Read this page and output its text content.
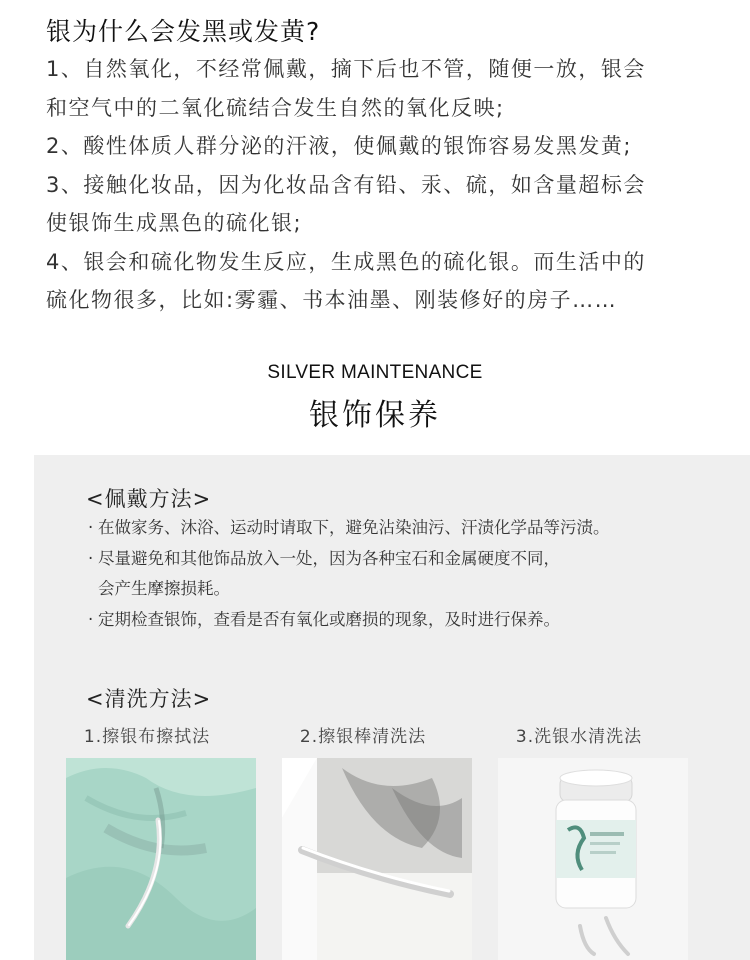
银为什么会发黑或发黄?
1、自然氧化，不经常佩戴，摘下后也不管，随便一放，银会
和空气中的二氧化硫结合发生自然的氧化反映;
2、酸性体质人群分泌的汗液，使佩戴的银饰容易发黑发黄;
3、接触化妆品，因为化妆品含有铅、汞、硫，如含量超标会
使银饰生成黑色的硫化银;
4、银会和硫化物发生反应，生成黑色的硫化银。而生活中的
硫化物很多，比如:雾霾、书本油墨、刚装修好的房子……
SILVER MAINTENANCE
银饰保养
<佩戴方法>
· 在做家务、沐浴、运动时请取下，避免沾染油污、汗渍化学品等污渍。
· 尽量避免和其他饰品放入一处，因为各种宝石和金属硬度不同，
会产生摩擦损耗。
· 定期检查银饰，查看是否有氧化或磨损的现象，及时进行保养。
<清洗方法>
1.擦银布擦拭法	2.擦银棒清洗法	3.洗银水清洗法
